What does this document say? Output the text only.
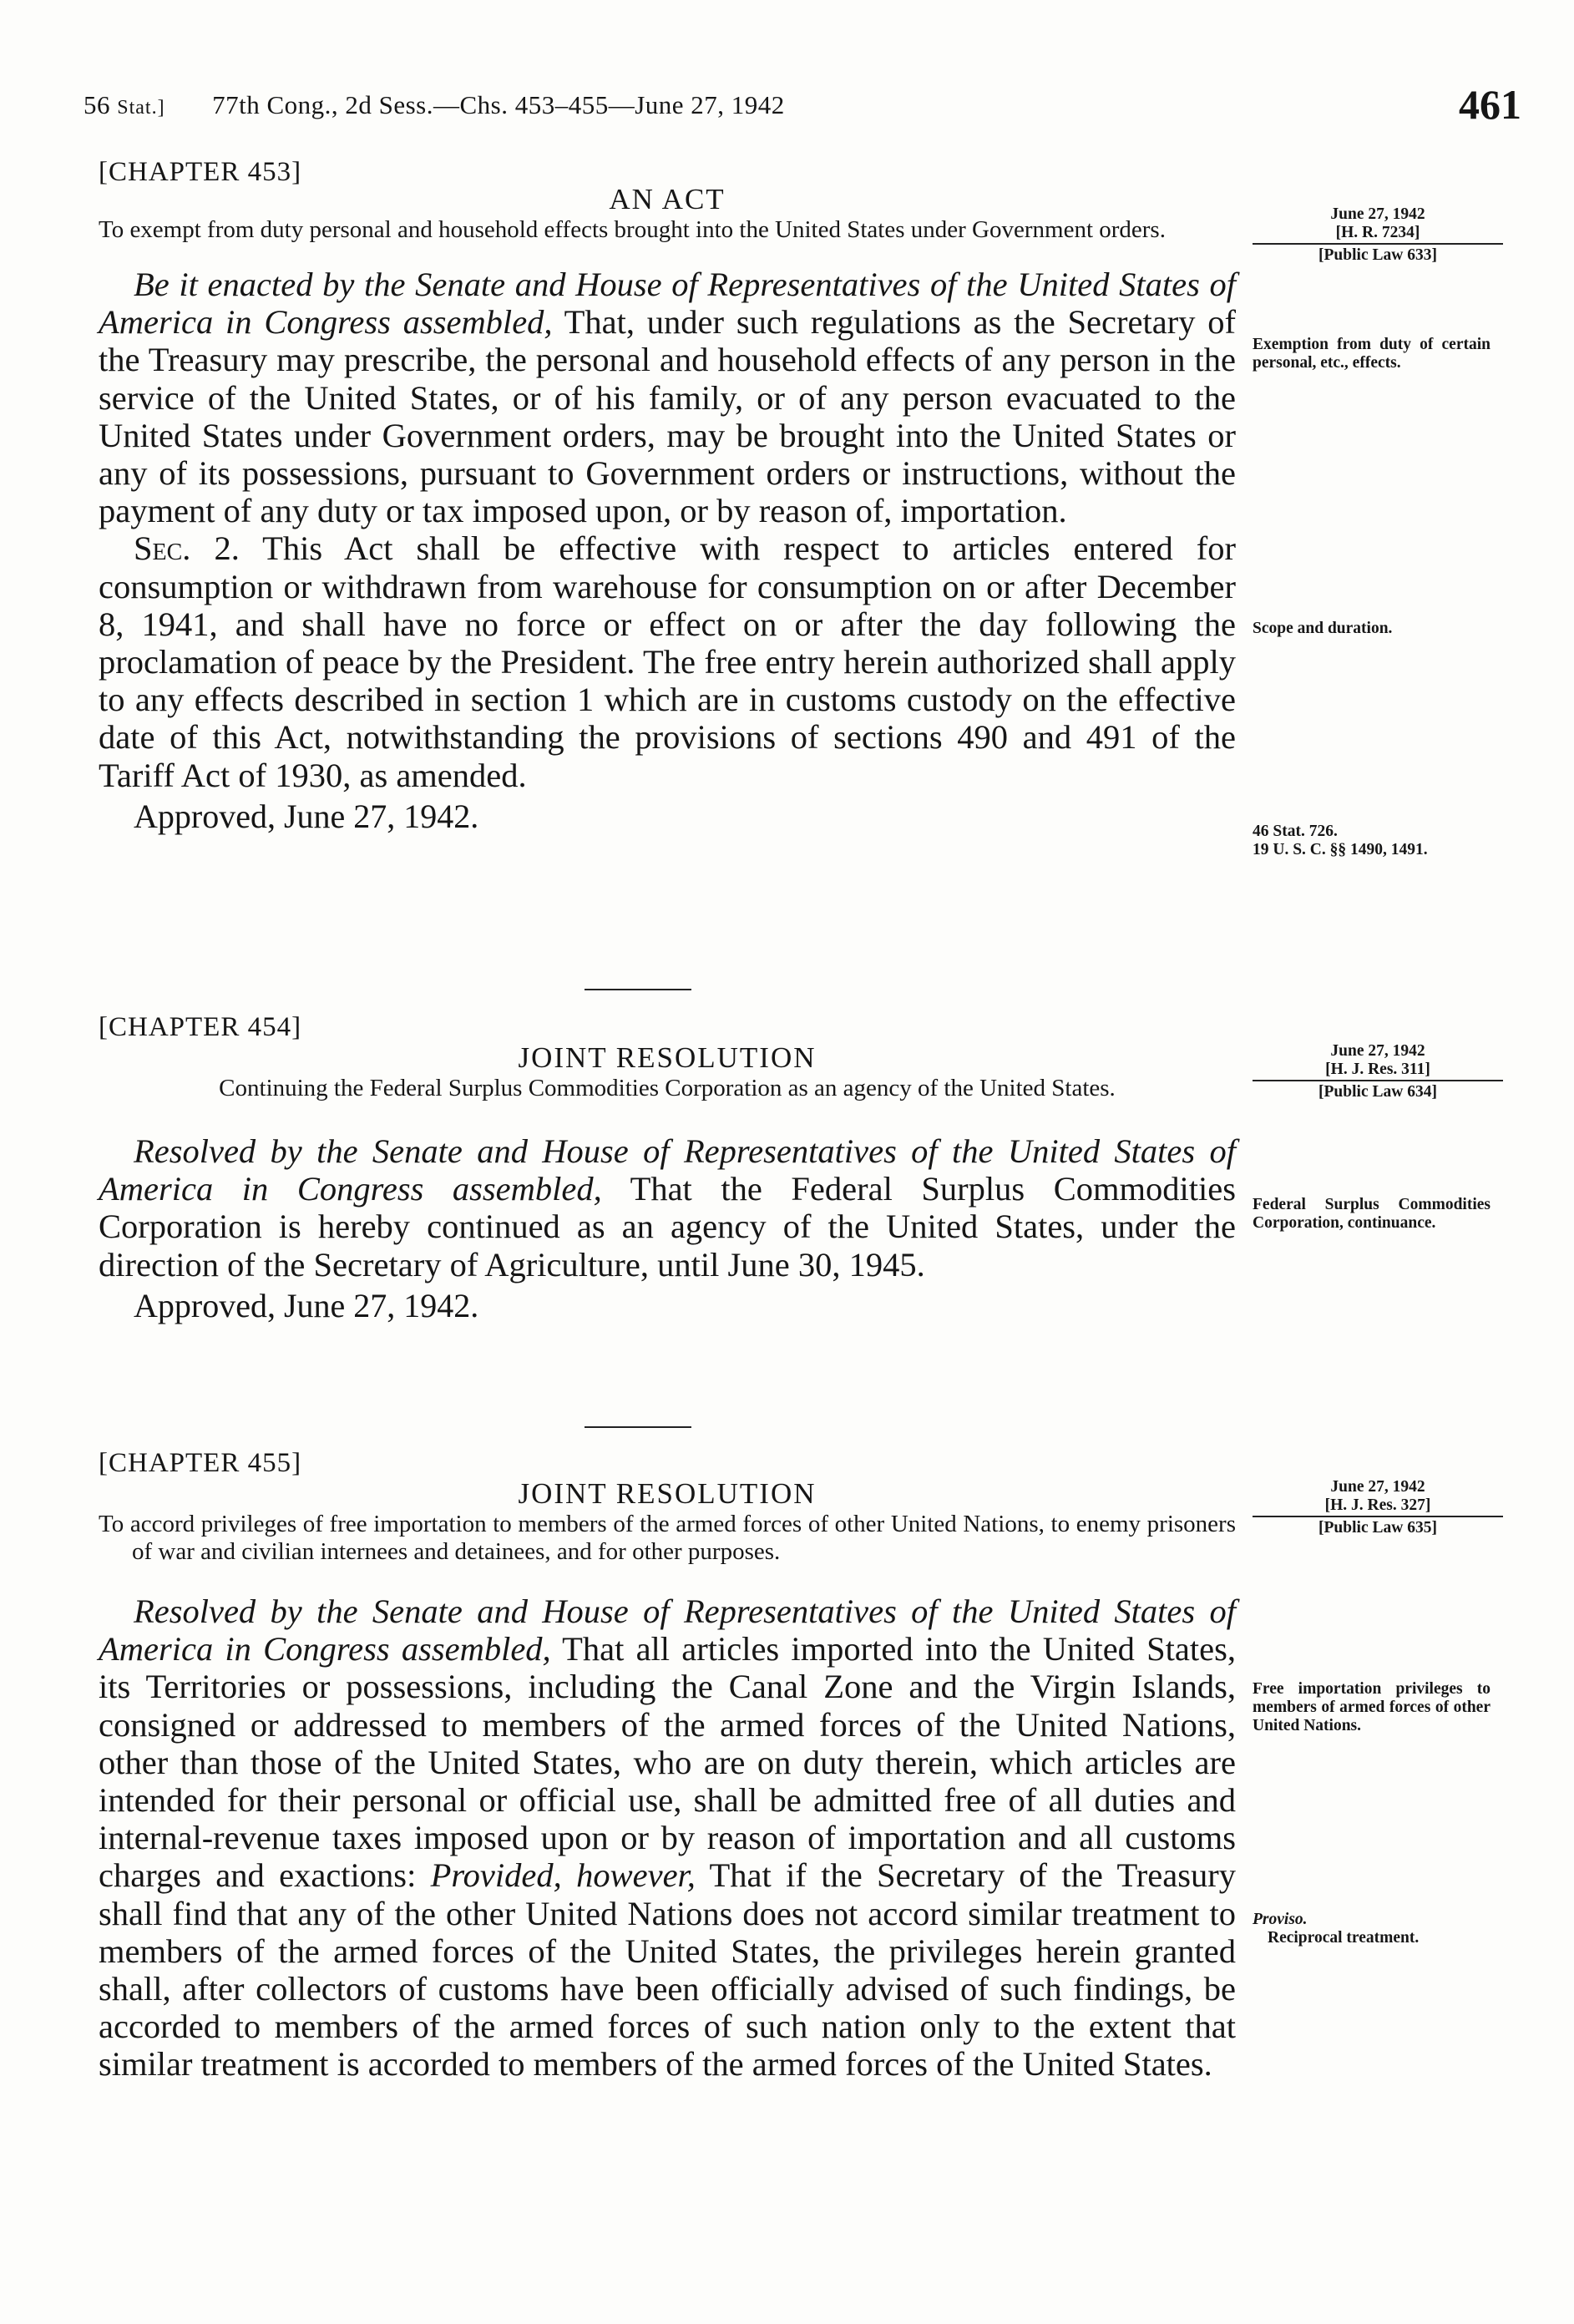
56 Stat.] 77th Cong., 2d Sess.—Chs. 453–455—June 27, 1942	461
[CHAPTER 453]
AN ACT
To exempt from duty personal and household effects brought into the United States under Government orders.

Be it enacted by the Senate and House of Representatives of the United States of America in Congress assembled, That, under such regulations as the Secretary of the Treasury may prescribe, the personal and household effects of any person in the service of the United States, or of his family, or of any person evacuated to the United States under Government orders, may be brought into the United States or any of its possessions, pursuant to Government orders or instructions, without the payment of any duty or tax imposed upon, or by reason of, importation.

Sec. 2. This Act shall be effective with respect to articles entered for consumption or withdrawn from warehouse for consumption on or after December 8, 1941, and shall have no force or effect on or after the day following the proclamation of peace by the President. The free entry herein authorized shall apply to any effects described in section 1 which are in customs custody on the effective date of this Act, notwithstanding the provisions of sections 490 and 491 of the Tariff Act of 1930, as amended.

Approved, June 27, 1942.

June 27, 1942
[H. R. 7234]
[Public Law 633]
Exemption from duty of certain personal, etc., effects.
Scope and duration.
46 Stat. 726.
19 U. S. C. §§ 1490, 1491.
[CHAPTER 454]
JOINT RESOLUTION
Continuing the Federal Surplus Commodities Corporation as an agency of the United States.

Resolved by the Senate and House of Representatives of the United States of America in Congress assembled, That the Federal Surplus Commodities Corporation is hereby continued as an agency of the United States, under the direction of the Secretary of Agriculture, until June 30, 1945.

Approved, June 27, 1942.

June 27, 1942
[H. J. Res. 311]
[Public Law 634]
Federal Surplus Commodities Corporation, continuance.
[CHAPTER 455]
JOINT RESOLUTION
To accord privileges of free importation to members of the armed forces of other United Nations, to enemy prisoners of war and civilian internees and detainees, and for other purposes.

Resolved by the Senate and House of Representatives of the United States of America in Congress assembled, That all articles imported into the United States, its Territories or possessions, including the Canal Zone and the Virgin Islands, consigned or addressed to members of the armed forces of the United Nations, other than those of the United States, who are on duty therein, which articles are intended for their personal or official use, shall be admitted free of all duties and internal-revenue taxes imposed upon or by reason of importation and all customs charges and exactions: Provided, however, That if the Secretary of the Treasury shall find that any of the other United Nations does not accord similar treatment to members of the armed forces of the United States, the privileges herein granted shall, after collectors of customs have been officially advised of such findings, be accorded to members of the armed forces of such nation only to the extent that similar treatment is accorded to members of the armed forces of the United States.

June 27, 1942
[H. J. Res. 327]
[Public Law 635]
Free importation privileges to members of armed forces of other United Nations.
Proviso.
Reciprocal treatment.
